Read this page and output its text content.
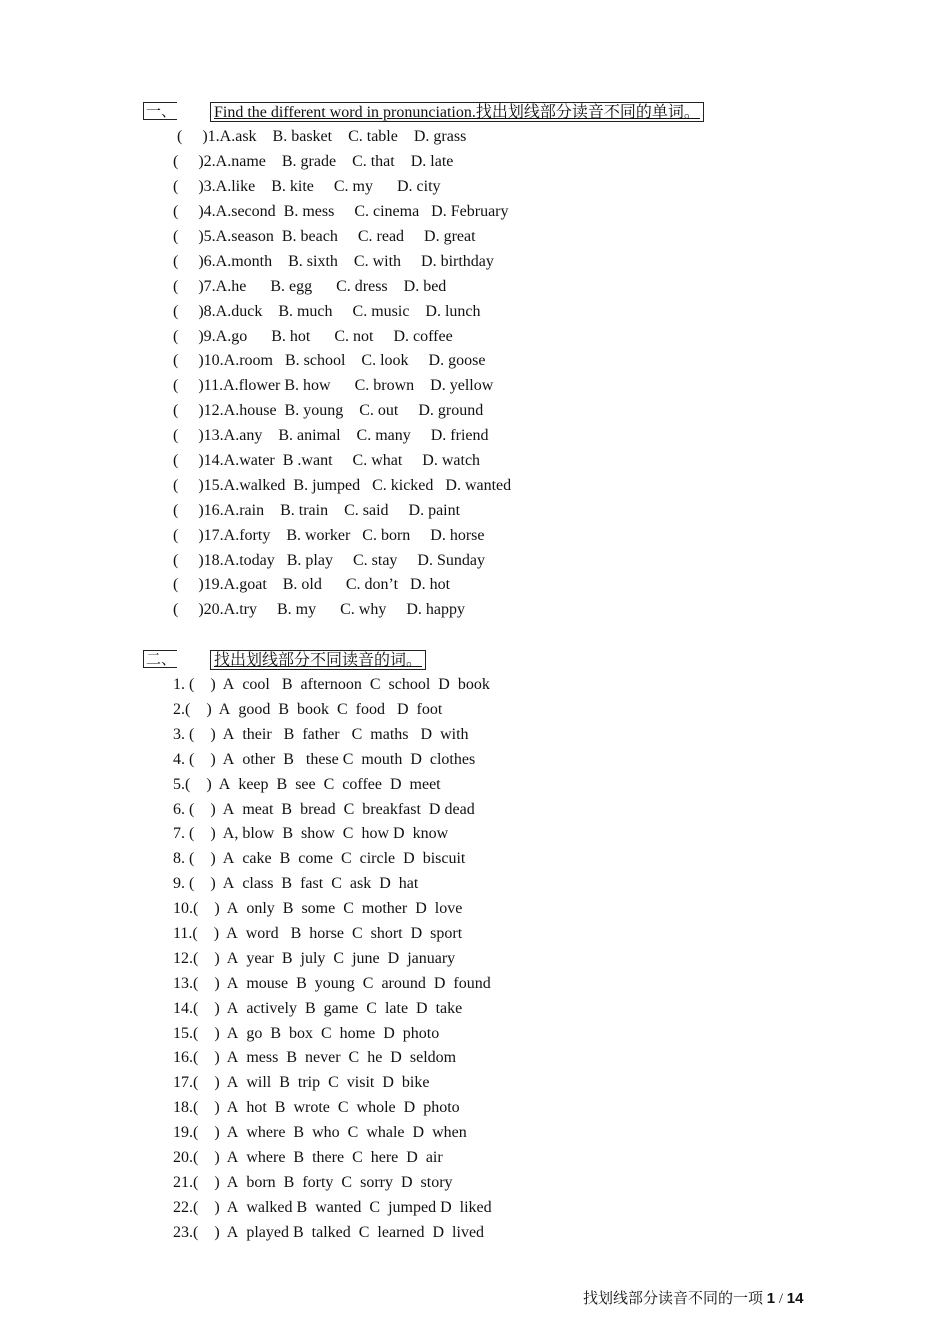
一、 Find the different word in pronunciation.找出划线部分读音不同的单词。
(     )1.A.ask    B. basket    C. table    D. grass
(     )2.A.name    B. grade    C. that    D. late
(     )3.A.like    B. kite     C. my      D. city
(     )4.A.second  B. mess     C. cinema   D. February
(     )5.A.season  B. beach     C. read     D. great
(     )6.A.month    B. sixth    C. with     D. birthday
(     )7.A.he      B. egg      C. dress    D. bed
(     )8.A.duck    B. much     C. music    D. lunch
(     )9.A.go      B. hot      C. not     D. coffee
(     )10.A.room   B. school    C. look     D. goose
(     )11.A.flower B. how      C. brown    D. yellow
(     )12.A.house  B. young    C. out     D. ground
(     )13.A.any    B. animal    C. many     D. friend
(     )14.A.water  B .want     C. what     D. watch
(     )15.A.walked  B. jumped   C. kicked   D. wanted
(     )16.A.rain    B. train    C. said     D. paint
(     )17.A.forty    B. worker   C. born     D. horse
(     )18.A.today   B. play     C. stay     D. Sunday
(     )19.A.goat    B. old      C. don’t   D. hot
(     )20.A.try     B. my      C. why     D. happy
二、 找出划线部分不同读音的词。
1. (    )  A  cool   B  afternoon  C  school  D  book
2.(    )  A  good  B  book  C  food   D  foot
3. (    )  A  their   B  father   C  maths   D  with
4. (    )  A  other  B   these C  mouth  D  clothes
5.(    )  A  keep  B  see  C  coffee  D  meet
6. (    )  A  meat  B  bread  C  breakfast  D dead
7. (    )  A, blow  B  show  C  how D  know
8. (    )  A  cake  B  come  C  circle  D  biscuit
9. (    )  A  class  B  fast  C  ask  D  hat
10.(    )  A  only  B  some  C  mother  D  love
11.(    )  A  word   B  horse  C  short  D  sport
12.(    )  A  year  B  july  C  june  D  january
13.(    )  A  mouse  B  young  C  around  D  found
14.(    )  A  actively  B  game  C  late  D  take
15.(    )  A  go  B  box  C  home  D  photo
16.(    )  A  mess  B  never  C  he  D  seldom
17.(    )  A  will  B  trip  C  visit  D  bike
18.(    )  A  hot  B  wrote  C  whole  D  photo
19.(    )  A  where  B  who  C  whale  D  when
20.(    )  A  where  B  there  C  here  D  air
21.(    )  A  born  B  forty  C  sorry  D  story
22.(    )  A  walked B  wanted  C  jumped D  liked
23.(    )  A  played B  talked  C  learned  D  lived
找划线部分读音不同的一项 1 / 14
